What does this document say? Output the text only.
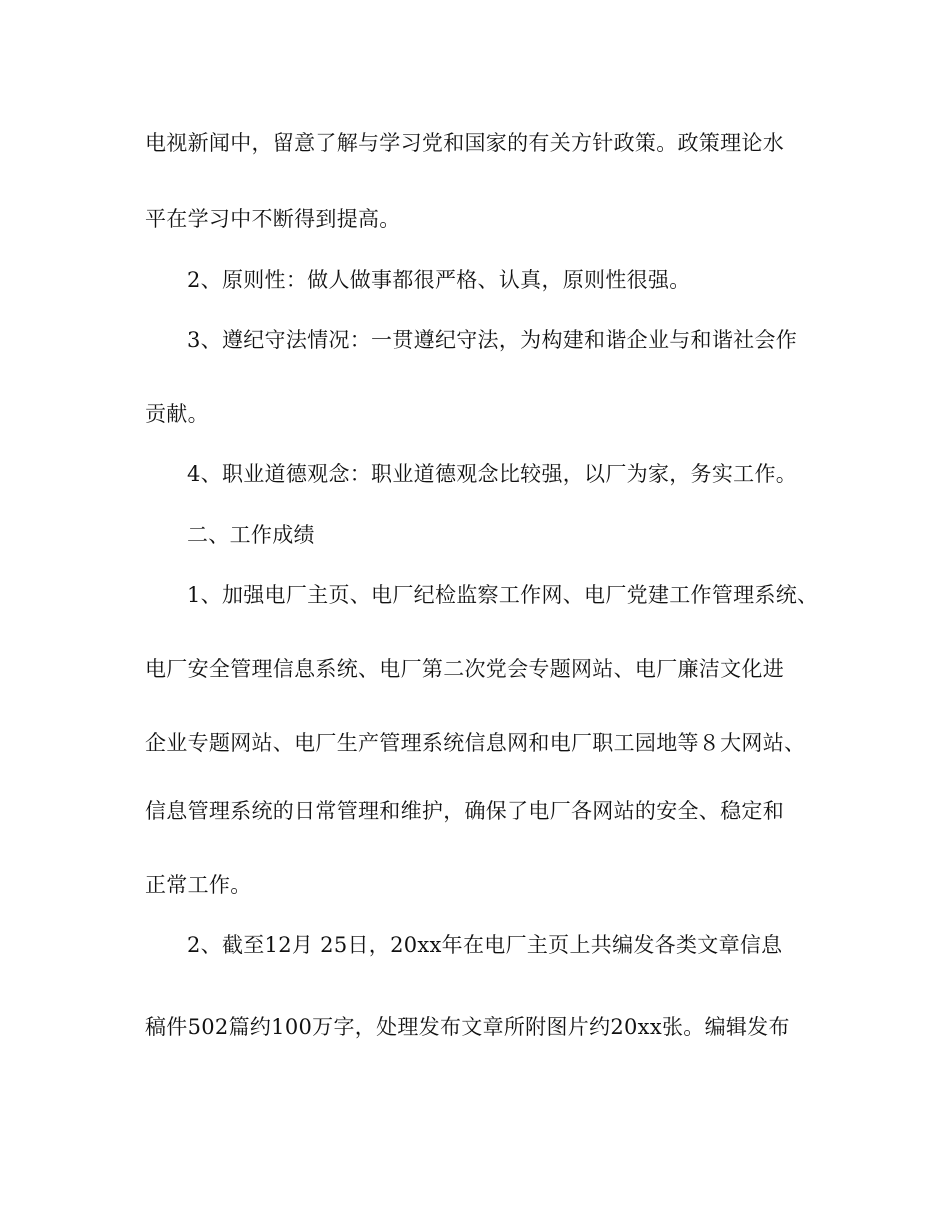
电视新闻中，留意了解与学习党和国家的有关方针政策。政策理论水
平在学习中不断得到提高。
2、原则性：做人做事都很严格、认真，原则性很强。
3、遵纪守法情况：一贯遵纪守法，为构建和谐企业与和谐社会作
贡献。
4、职业道德观念：职业道德观念比较强，以厂为家，务实工作。
二、工作成绩
1、加强电厂主页、电厂纪检监察工作网、电厂党建工作管理系统、
电厂安全管理信息系统、电厂第二次党会专题网站、电厂廉洁文化进
企业专题网站、电厂生产管理系统信息网和电厂职工园地等８大网站、
信息管理系统的日常管理和维护，确保了电厂各网站的安全、稳定和
正常工作。
2、截至12月 25日，20xx年在电厂主页上共编发各类文章信息
稿件502篇约100万字，处理发布文章所附图片约20xx张。编辑发布
